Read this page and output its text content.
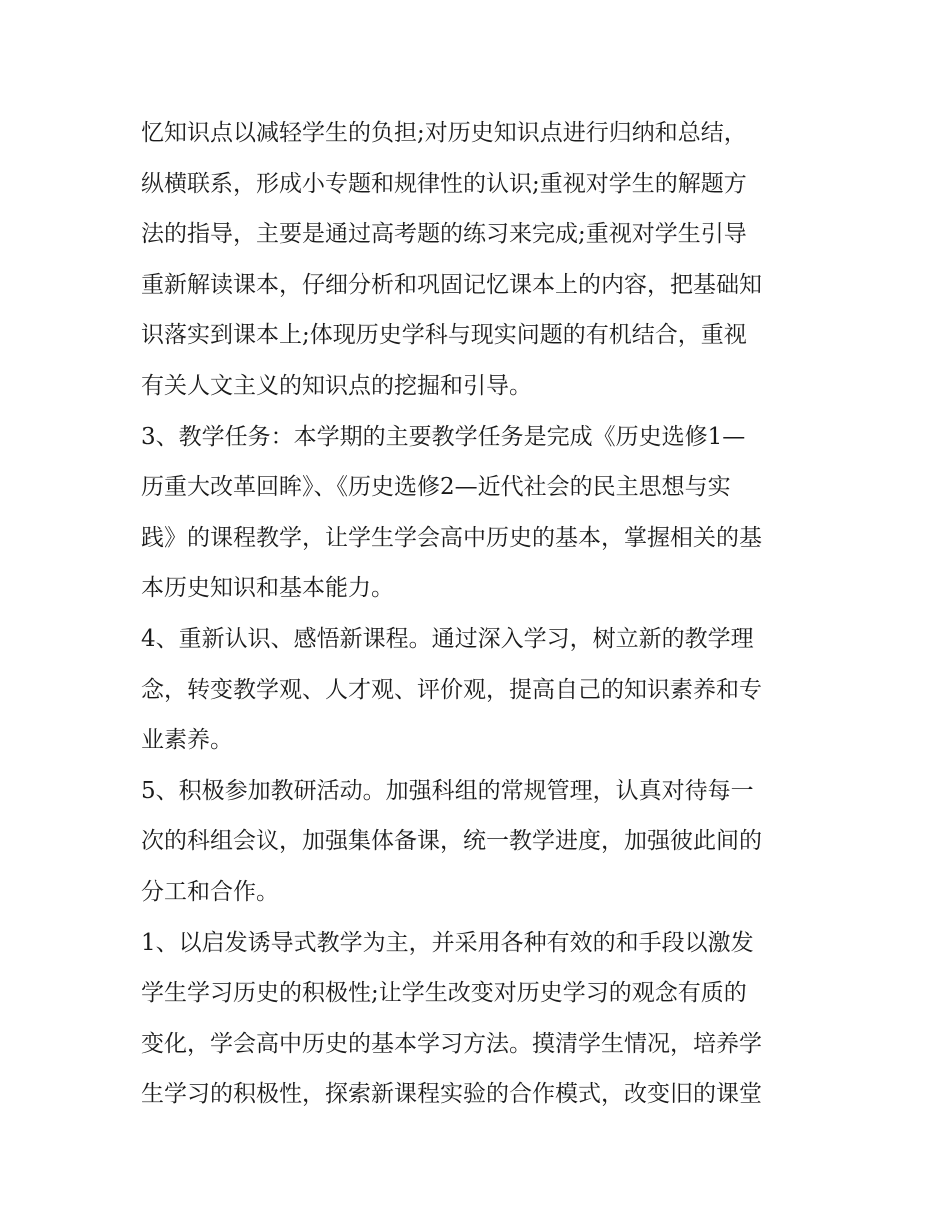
忆知识点以减轻学生的负担;对历史知识点进行归纳和总结，
纵横联系，形成小专题和规律性的认识;重视对学生的解题方
法的指导，主要是通过高考题的练习来完成;重视对学生引导
重新解读课本，仔细分析和巩固记忆课本上的内容，把基础知
识落实到课本上;体现历史学科与现实问题的有机结合，重视
有关人文主义的知识点的挖掘和引导。

3、教学任务：本学期的主要教学任务是完成《历史选修1—
历重大改革回眸》、《历史选修2—近代社会的民主思想与实
践》的课程教学，让学生学会高中历史的基本，掌握相关的基
本历史知识和基本能力。

4、重新认识、感悟新课程。通过深入学习，树立新的教学理
念，转变教学观、人才观、评价观，提高自己的知识素养和专
业素养。

5、积极参加教研活动。加强科组的常规管理，认真对待每一
次的科组会议，加强集体备课，统一教学进度，加强彼此间的
分工和合作。

1、以启发诱导式教学为主，并采用各种有效的和手段以激发
学生学习历史的积极性;让学生改变对历史学习的观念有质的
变化，学会高中历史的基本学习方法。摸清学生情况，培养学
生学习的积极性，探索新课程实验的合作模式，改变旧的课堂
